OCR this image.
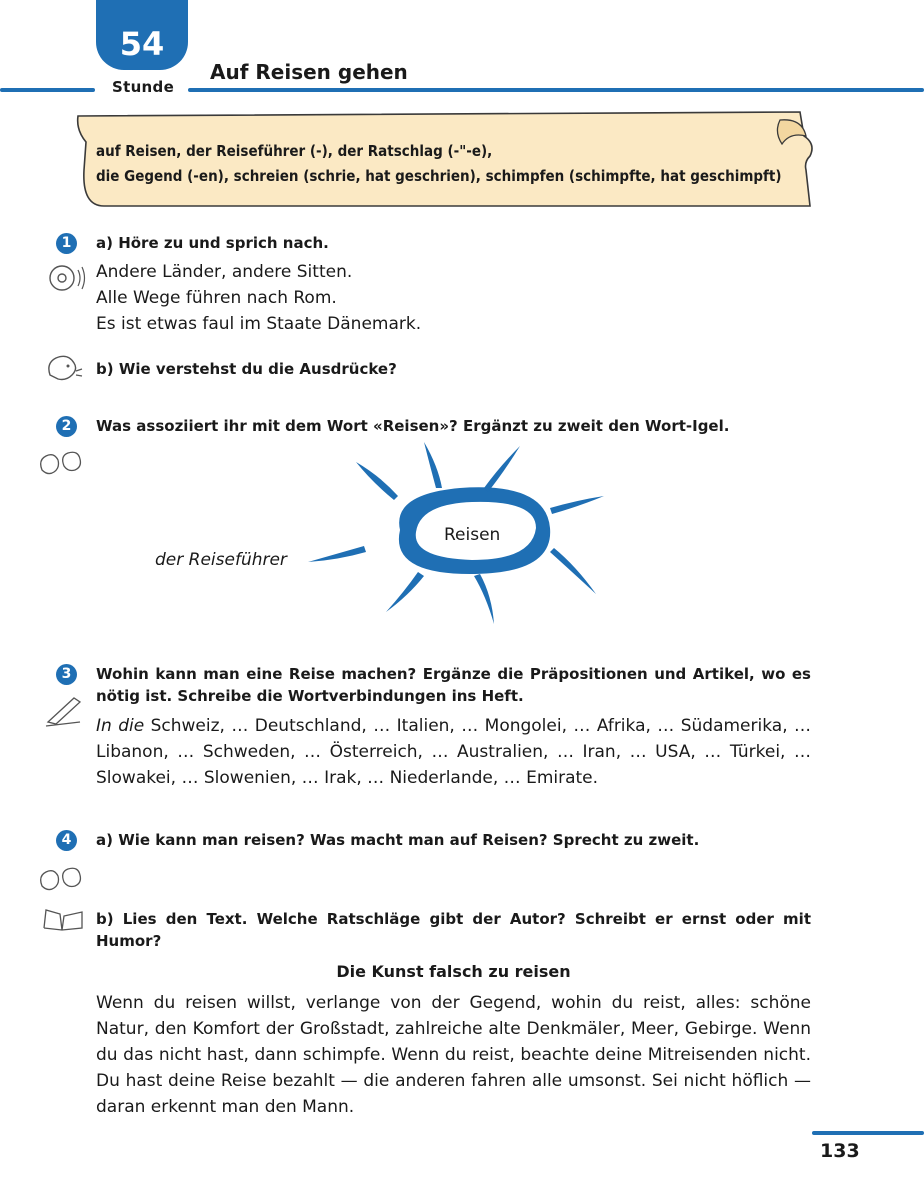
54
Stunde
Auf Reisen gehen
auf Reisen, der Reiseführer (-), der Ratschlag (-"-e),
die Gegend (-en), schreien (schrie, hat geschrien), schimpfen (schimpfte, hat geschimpft)
1	a) Höre zu und sprich nach.
Andere Länder, andere Sitten.
Alle Wege führen nach Rom.
Es ist etwas faul im Staate Dänemark.
b) Wie verstehst du die Ausdrücke?
2	Was assoziiert ihr mit dem Wort «Reisen»? Ergänzt zu zweit den Wort-Igel.
Reisen
der Reiseführer
3	Wohin kann man eine Reise machen? Ergänze die Präpositionen und Artikel, wo es nötig ist. Schreibe die Wortverbindungen ins Heft.
In die Schweiz, … Deutschland, … Italien, … Mongolei, … Afrika, … Südamerika, … Libanon, … Schweden, … Österreich, … Australien, … Iran, … USA, … Türkei, … Slowakei, … Slowenien, … Irak, … Niederlande, … Emirate.
4	a) Wie kann man reisen? Was macht man auf Reisen? Sprecht zu zweit.
b) Lies den Text. Welche Ratschläge gibt der Autor? Schreibt er ernst oder mit Humor?
Die Kunst falsch zu reisen
Wenn du reisen willst, verlange von der Gegend, wohin du reist, alles: schöne Natur, den Komfort der Großstadt, zahlreiche alte Denkmäler, Meer, Gebirge. Wenn du das nicht hast, dann schimpfe. Wenn du reist, beachte deine Mitreisenden nicht. Du hast deine Reise bezahlt — die anderen fahren alle umsonst. Sei nicht höflich — daran erkennt man den Mann.
133
